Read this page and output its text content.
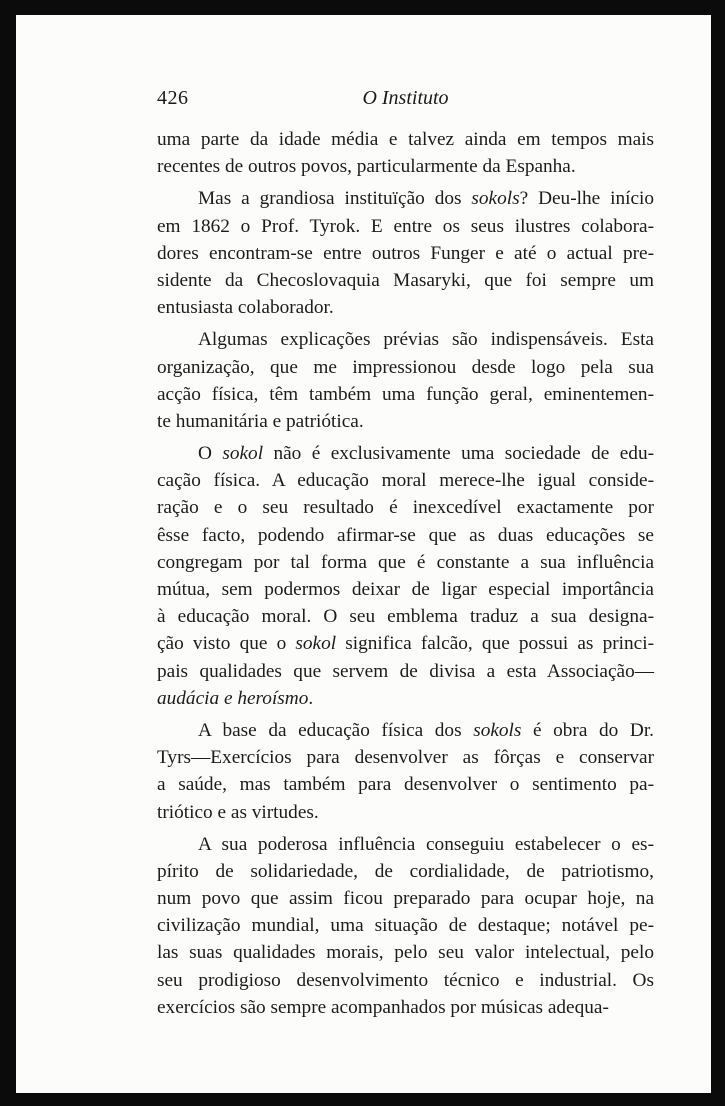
426	O Instituto
uma parte da idade média e talvez ainda em tempos mais
recentes de outros povos, particularmente da Espanha.
Mas a grandiosa instituïção dos sokols? Deu-lhe início
em 1862 o Prof. Tyrok. E entre os seus ilustres colabora-
dores encontram-se entre outros Funger e até o actual pre-
sidente da Checoslovaquia Masaryki, que foi sempre um
entusiasta colaborador.
Algumas explicações prévias são indispensáveis. Esta
organização, que me impressionou desde logo pela sua
acção física, têm também uma função geral, eminentemen-
te humanitária e patriótica.
O sokol não é exclusivamente uma sociedade de edu-
cação física. A educação moral merece-lhe igual conside-
ração e o seu resultado é inexcedível exactamente por
êsse facto, podendo afirmar-se que as duas educações se
congregam por tal forma que é constante a sua influência
mútua, sem podermos deixar de ligar especial importância
à educação moral. O seu emblema traduz a sua designa-
ção visto que o sokol significa falcão, que possui as princi-
pais qualidades que servem de divisa a esta Associação—
audácia e heroísmo.
A base da educação física dos sokols é obra do Dr.
Tyrs—Exercícios para desenvolver as fôrças e conservar
a saúde, mas também para desenvolver o sentimento pa-
triótico e as virtudes.
A sua poderosa influência conseguiu estabelecer o es-
pírito de solidariedade, de cordialidade, de patriotismo,
num povo que assim ficou preparado para ocupar hoje, na
civilização mundial, uma situação de destaque; notável pe-
las suas qualidades morais, pelo seu valor intelectual, pelo
seu prodigioso desenvolvimento técnico e industrial. Os
exercícios são sempre acompanhados por músicas adequa-
